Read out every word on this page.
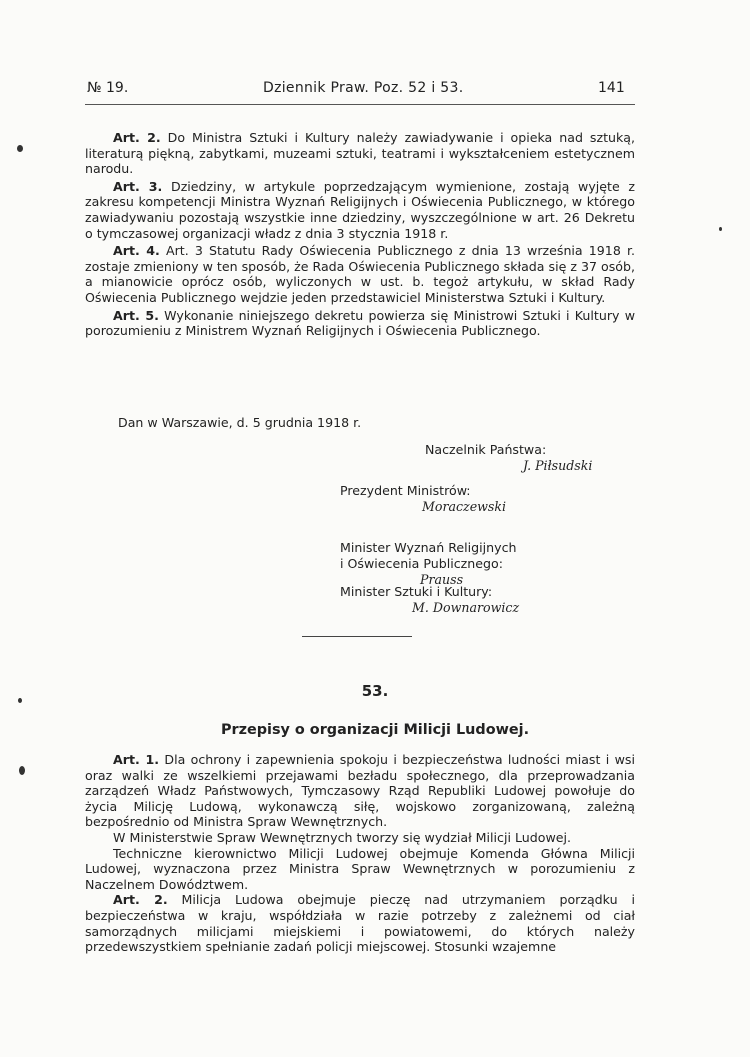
№ 19.	Dziennik Praw. Poz. 52 i 53.	141

Art. 2. Do Ministra Sztuki i Kultury należy zawiadywanie i opieka nad sztuką, literaturą piękną, zabytkami, muzeami sztuki, teatrami i wykształceniem estetycznem narodu.

Art. 3. Dziedziny, w artykule poprzedzającym wymienione, zostają wyjęte z zakresu kompetencji Ministra Wyznań Religijnych i Oświecenia Publicznego, w którego zawiadywaniu pozostają wszystkie inne dziedziny, wyszczególnione w art. 26 Dekretu o tymczasowej organizacji władz z dnia 3 stycznia 1918 r.

Art. 4. Art. 3 Statutu Rady Oświecenia Publicznego z dnia 13 września 1918 r. zostaje zmieniony w ten sposób, że Rada Oświecenia Publicznego składa się z 37 osób, a mianowicie oprócz osób, wyliczonych w ust. b. tegoż artykułu, w skład Rady Oświecenia Publicznego wejdzie jeden przedstawiciel Ministerstwa Sztuki i Kultury.

Art. 5. Wykonanie niniejszego dekretu powierza się Ministrowi Sztuki i Kultury w porozumieniu z Ministrem Wyznań Religijnych i Oświecenia Publicznego.

Dan w Warszawie, d. 5 grudnia 1918 r.
Naczelnik Państwa:
J. Piłsudski
Prezydent Ministrów:
Moraczewski

Minister Wyznań Religijnych
i Oświecenia Publicznego:

Prauss

Minister Sztuki i Kultury:
M. Downarowicz
53.
Przepisy o organizacji Milicji Ludowej.

Art. 1. Dla ochrony i zapewnienia spokoju i bezpieczeństwa ludności miast i wsi oraz walki ze wszelkiemi przejawami bezładu społecznego, dla przeprowadzania zarządzeń Władz Państwowych, Tymczasowy Rząd Republiki Ludowej powołuje do życia Milicję Ludową, wykonawczą siłę, wojskowo zorganizowaną, zależną bezpośrednio od Ministra Spraw Wewnętrznych.

W Ministerstwie Spraw Wewnętrznych tworzy się wydział Milicji Ludowej.

Techniczne kierownictwo Milicji Ludowej obejmuje Komenda Główna Milicji Ludowej, wyznaczona przez Ministra Spraw Wewnętrznych w porozumieniu z Naczelnem Dowództwem.

Art. 2. Milicja Ludowa obejmuje pieczę nad utrzymaniem porządku i bezpieczeństwa w kraju, współdziała w razie potrzeby z zależnemi od ciał samorządnych milicjami miejskiemi i powiatowemi, do których należy przedewszystkiem spełnianie zadań policji miejscowej. Stosunki wzajemne
